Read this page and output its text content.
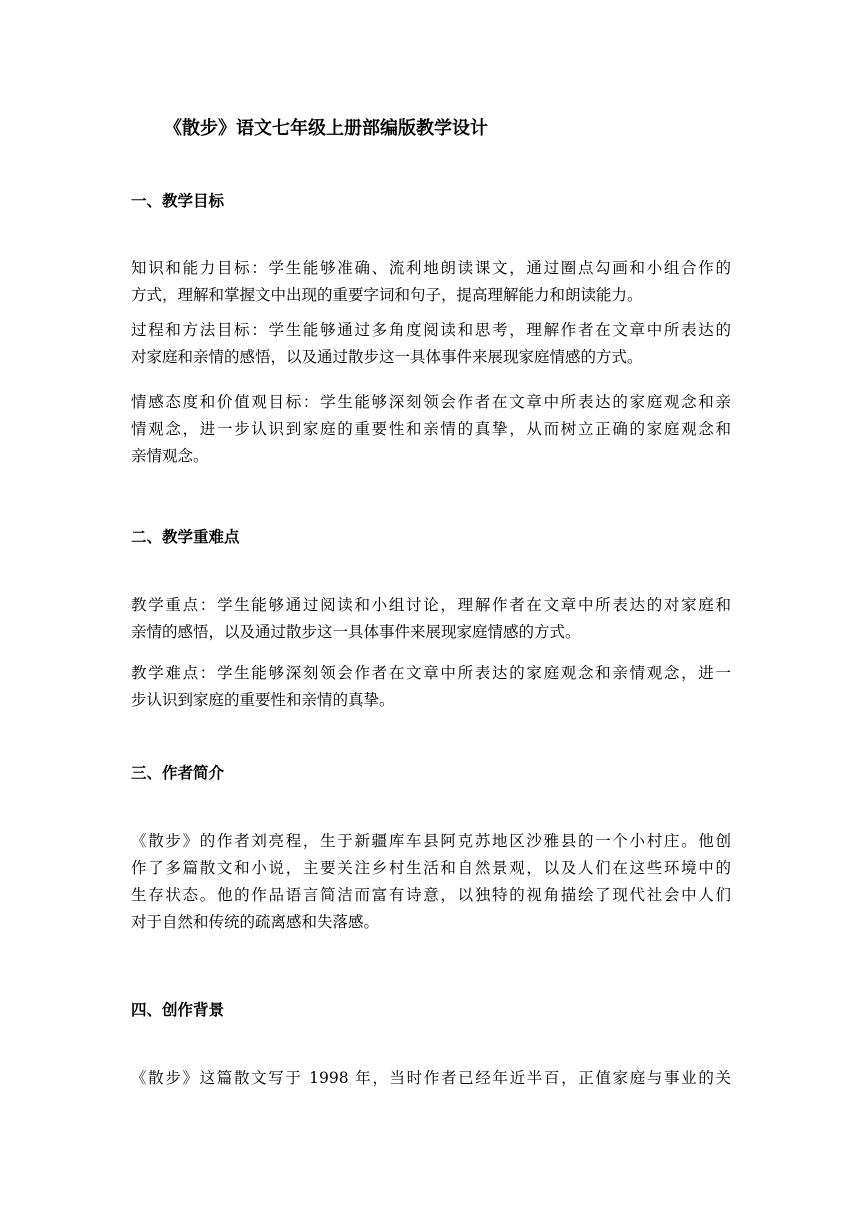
《散步》语文七年级上册部编版教学设计
一、教学目标

知识和能力目标：学生能够准确、流利地朗读课文，通过圈点勾画和小组合作的
方式，理解和掌握文中出现的重要字词和句子，提高理解能力和朗读能力。

过程和方法目标：学生能够通过多角度阅读和思考，理解作者在文章中所表达的
对家庭和亲情的感悟，以及通过散步这一具体事件来展现家庭情感的方式。

情感态度和价值观目标：学生能够深刻领会作者在文章中所表达的家庭观念和亲
情观念，进一步认识到家庭的重要性和亲情的真挚，从而树立正确的家庭观念和
亲情观念。

二、教学重难点

教学重点：学生能够通过阅读和小组讨论，理解作者在文章中所表达的对家庭和
亲情的感悟，以及通过散步这一具体事件来展现家庭情感的方式。

教学难点：学生能够深刻领会作者在文章中所表达的家庭观念和亲情观念，进一
步认识到家庭的重要性和亲情的真挚。

三、作者简介

《散步》的作者刘亮程，生于新疆库车县阿克苏地区沙雅县的一个小村庄。他创
作了多篇散文和小说，主要关注乡村生活和自然景观，以及人们在这些环境中的
生存状态。他的作品语言简洁而富有诗意，以独特的视角描绘了现代社会中人们
对于自然和传统的疏离感和失落感。

四、创作背景

《散步》这篇散文写于 1998 年，当时作者已经年近半百，正值家庭与事业的关
